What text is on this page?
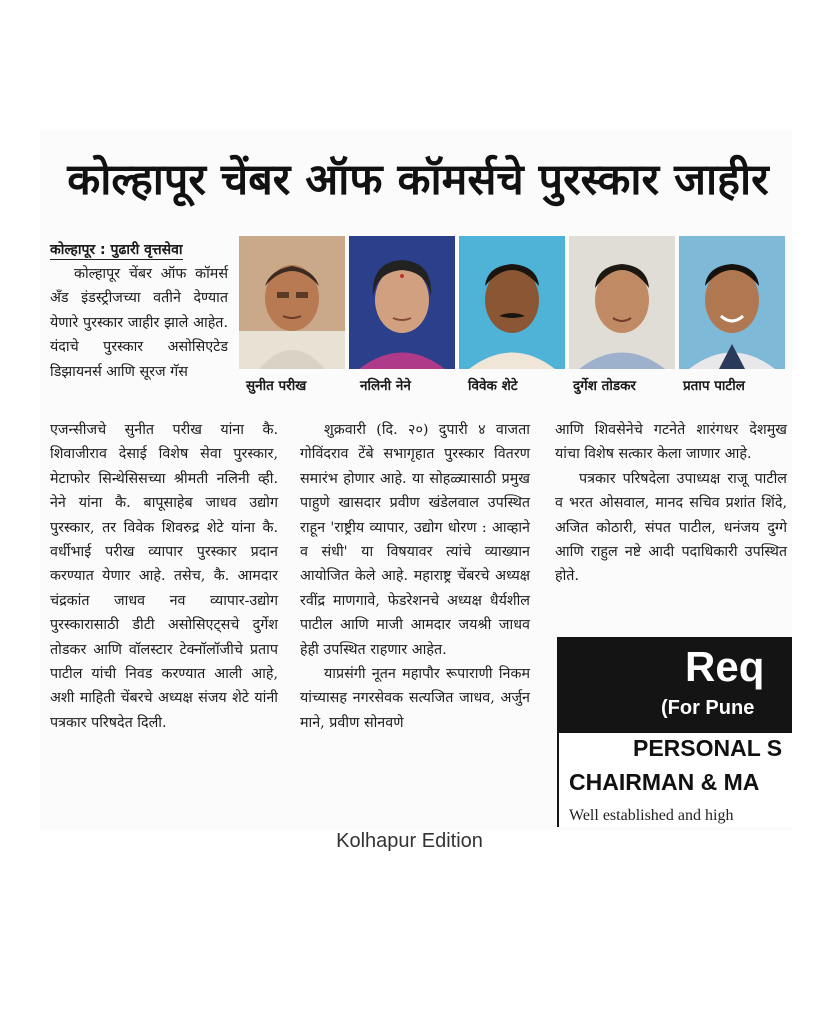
कोल्हापूर चेंबर ऑफ कॉमर्सचे पुरस्कार जाहीर
कोल्हापूर : पुढारी वृत्तसेवा

कोल्हापूर चेंबर ऑफ कॉमर्स अँड इंडस्ट्रीजच्या वतीने देण्यात येणारे पुरस्कार जाहीर झाले आहेत. यंदाचे पुरस्कार असोसिएटेड डिझायनर्स आणि सूरज गॅस

सुनीत परीख	नलिनी नेने	विवेक शेटे	दुर्गेश तोडकर	प्रताप पाटील

एजन्सीजचे सुनीत परीख यांना कै. शिवाजीराव देसाई विशेष सेवा पुरस्कार, मेटाफोर सिन्थेसिसच्या श्रीमती नलिनी व्ही. नेने यांना कै. बापूसाहेब जाधव उद्योग पुरस्कार, तर विवेक शिवरुद्र शेटे यांना कै. वर्धीभाई परीख व्यापार पुरस्कार प्रदान करण्यात येणार आहे. तसेच, कै. आमदार चंद्रकांत जाधव नव व्यापार-उद्योग पुरस्कारासाठी डीटी असोसिएट्सचे दुर्गेश तोडकर आणि वॉलस्टार टेक्नॉलॉजीचे प्रताप पाटील यांची निवड करण्यात आली आहे, अशी माहिती चेंबरचे अध्यक्ष संजय शेटे यांनी पत्रकार परिषदेत दिली.

शुक्रवारी (दि. २०) दुपारी ४ वाजता गोविंदराव टेंबे सभागृहात पुरस्कार वितरण समारंभ होणार आहे. या सोहळ्यासाठी प्रमुख पाहुणे खासदार प्रवीण खंडेलवाल उपस्थित राहून 'राष्ट्रीय व्यापार, उद्योग धोरण : आव्हाने व संधी' या विषयावर त्यांचे व्याख्यान आयोजित केले आहे. महाराष्ट्र चेंबरचे अध्यक्ष रवींद्र माणगावे, फेडरेशनचे अध्यक्ष धैर्यशील पाटील आणि माजी आमदार जयश्री जाधव हेही उपस्थित राहणार आहेत.

याप्रसंगी नूतन महापौर रूपाराणी निकम यांच्यासह नगरसेवक सत्यजित जाधव, अर्जुन माने, प्रवीण सोनवणे

आणि शिवसेनेचे गटनेते शारंगधर देशमुख यांचा विशेष सत्कार केला जाणार आहे.

पत्रकार परिषदेला उपाध्यक्ष राजू पाटील व भरत ओसवाल, मानद सचिव प्रशांत शिंदे, अजित कोठारी, संपत पाटील, धनंजय दुग्गे आणि राहुल नष्टे आदी पदाधिकारी उपस्थित होते.

Req
(For Pune
PERSONAL S
CHAIRMAN & MA
Well established and high
Kolhapur Edition
